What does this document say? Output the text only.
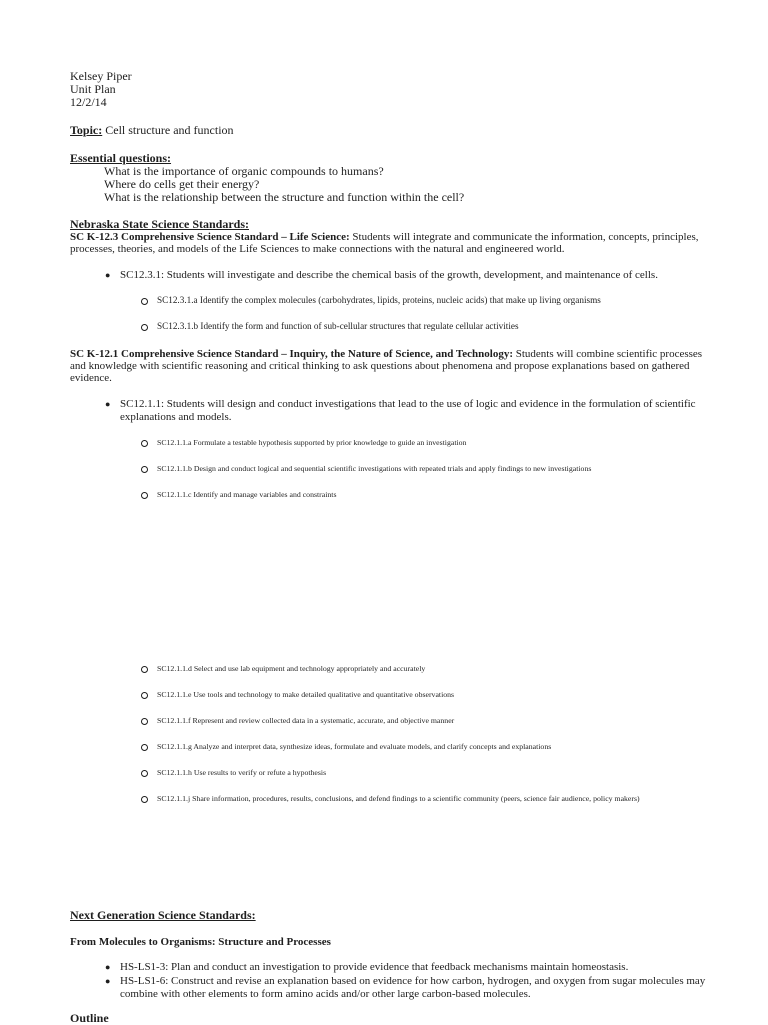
Kelsey Piper
Unit Plan
12/2/14
Topic: Cell structure and function
Essential questions:
What is the importance of organic compounds to humans?
Where do cells get their energy?
What is the relationship between the structure and function within the cell?
Nebraska State Science Standards:
SC K-12.3 Comprehensive Science Standard – Life Science: Students will integrate and communicate the information, concepts, principles,
processes, theories, and models of the Life Sciences to make connections with the natural and engineered world.
● SC12.3.1: Students will investigate and describe the chemical basis of the growth, development, and maintenance of cells.
SC12.3.1.a Identify the complex molecules (carbohydrates, lipids, proteins, nucleic acids) that make up living organisms
SC12.3.1.b Identify the form and function of sub-cellular structures that regulate cellular activities
SC K-12.1 Comprehensive Science Standard – Inquiry, the Nature of Science, and Technology: Students will combine scientific processes
and knowledge with scientific reasoning and critical thinking to ask questions about phenomena and propose explanations based on gathered
evidence.
● SC12.1.1: Students will design and conduct investigations that lead to the use of logic and evidence in the formulation of scientific
explanations and models.
SC12.1.1.a Formulate a testable hypothesis supported by prior knowledge to guide an investigation
SC12.1.1.b Design and conduct logical and sequential scientific investigations with repeated trials and apply findings to new investigations
SC12.1.1.c Identify and manage variables and constraints
SC12.1.1.d Select and use lab equipment and technology appropriately and accurately
SC12.1.1.e Use tools and technology to make detailed qualitative and quantitative observations
SC12.1.1.f Represent and review collected data in a systematic, accurate, and objective manner
SC12.1.1.g Analyze and interpret data, synthesize ideas, formulate and evaluate models, and clarify concepts and explanations
SC12.1.1.h Use results to verify or refute a hypothesis
SC12.1.1.j Share information, procedures, results, conclusions, and defend findings to a scientific community (peers, science fair audience, policy makers)
Next Generation Science Standards:
From Molecules to Organisms: Structure and Processes
● HS-LS1-3: Plan and conduct an investigation to provide evidence that feedback mechanisms maintain homeostasis.
● HS-LS1-6: Construct and revise an explanation based on evidence for how carbon, hydrogen, and oxygen from sugar molecules may
combine with other elements to form amino acids and/or other large carbon-based molecules.
Outline
